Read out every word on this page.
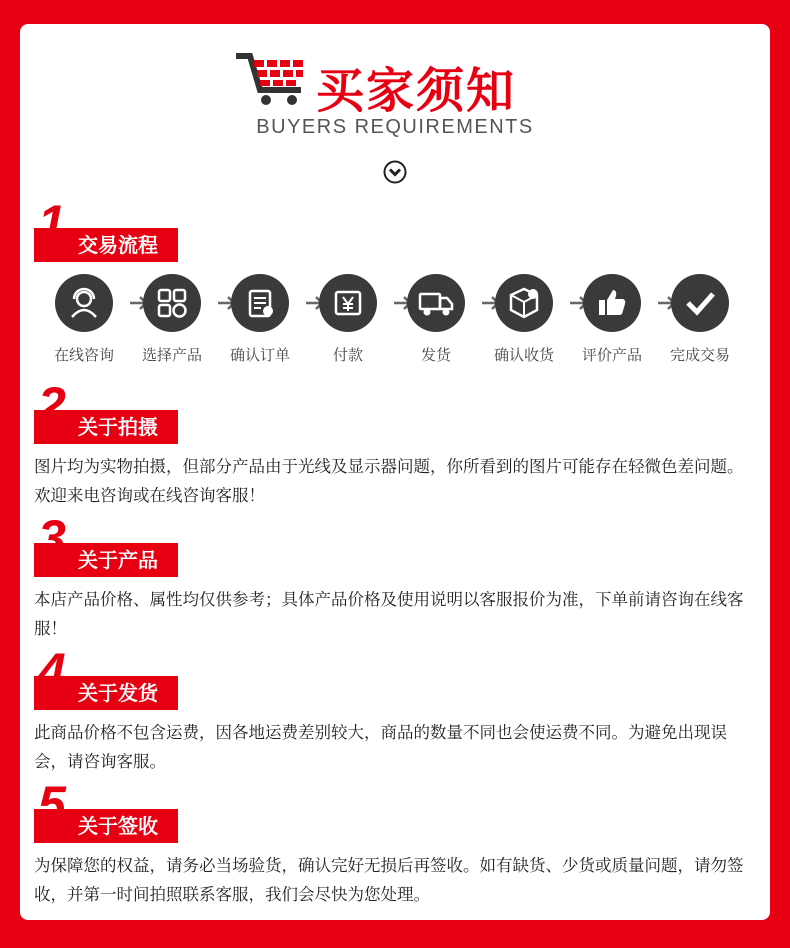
买家须知
BUYERS REQUIREMENTS
1 交易流程
在线咨询	选择产品	确认订单	付款	发货	确认收货	评价产品	完成交易
2 关于拍摄
图片均为实物拍摄，但部分产品由于光线及显示器问题，你所看到的图片可能存在轻微色差问题。欢迎来电咨询或在线咨询客服！
3 关于产品
本店产品价格、属性均仅供参考；具体产品价格及使用说明以客服报价为准，下单前请咨询在线客服！
4 关于发货
此商品价格不包含运费，因各地运费差别较大，商品的数量不同也会使运费不同。为避免出现误会，请咨询客服。
5 关于签收
为保障您的权益，请务必当场验货，确认完好无损后再签收。如有缺货、少货或质量问题，请勿签收，并第一时间拍照联系客服，我们会尽快为您处理。
